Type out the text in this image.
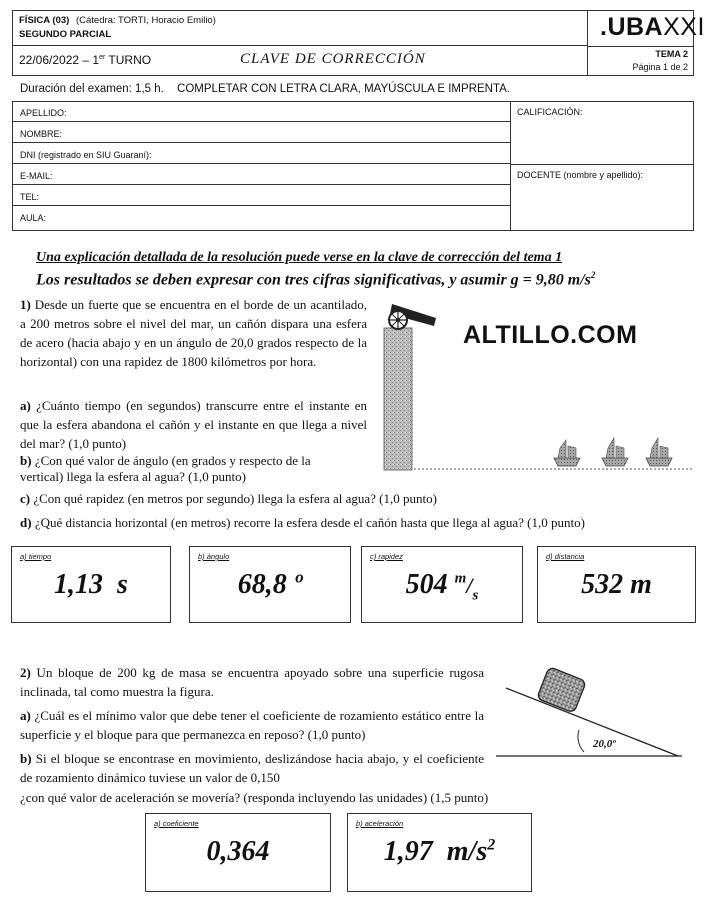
FÍSICA (03) (Cátedra: TORTI, Horacio Emilio)
SEGUNDO PARCIAL	.UBAXXI
22/06/2022 – 1er TURNO	CLAVE DE CORRECCIÓN	TEMA 2
Página 1 de 2
Duración del examen: 1,5 h. COMPLETAR CON LETRA CLARA, MAYÚSCULA E IMPRENTA.
APELLIDO:
NOMBRE:
DNI (registrado en SIU Guaraní):
E-MAIL:
TEL:
AULA:
CALIFICACIÓN:
DOCENTE (nombre y apellido):
Una explicación detallada de la resolución puede verse en la clave de corrección del tema 1
Los resultados se deben expresar con tres cifras significativas, y asumir g = 9,80 $m/s^2$
1) Desde un fuerte que se encuentra en el borde de un acantilado, a 200 metros sobre el nivel del mar, un cañón dispara una esfera de acero (hacia abajo y en un ángulo de 20,0 grados respecto de la horizontal) con una rapidez de 1800 kilómetros por hora.
a) ¿Cuánto tiempo (en segundos) transcurre entre el instante en que la esfera abandona el cañón y el instante en que llega a nivel del mar? (1,0 punto)
b) ¿Con qué valor de ángulo (en grados y respecto de la vertical) llega la esfera al agua? (1,0 punto)
c) ¿Con qué rapidez (en metros por segundo) llega la esfera al agua? (1,0 punto)
d) ¿Qué distancia horizontal (en metros) recorre la esfera desde el cañón hasta que llega al agua? (1,0 punto)
ALTILLO.COM
a) tiempo
1,13  s
b) ángulo
68,8 º
c) rapidez
504 $^m/_s$
d) distancia
532 m
2) Un bloque de 200 kg de masa se encuentra apoyado sobre una superficie rugosa inclinada, tal como muestra la figura.
a) ¿Cuál es el mínimo valor que debe tener el coeficiente de rozamiento estático entre la superficie y el bloque para que permanezca en reposo? (1,0 punto)
b) Si el bloque se encontrase en movimiento, deslizándose hacia abajo, y el coeficiente de rozamiento dinámico tuviese un valor de 0,150
¿con qué valor de aceleración se movería? (responda incluyendo las unidades) (1,5 punto)
20,0º
a) coeficiente
0,364
b) aceleración
1,97  $m/s^2$
